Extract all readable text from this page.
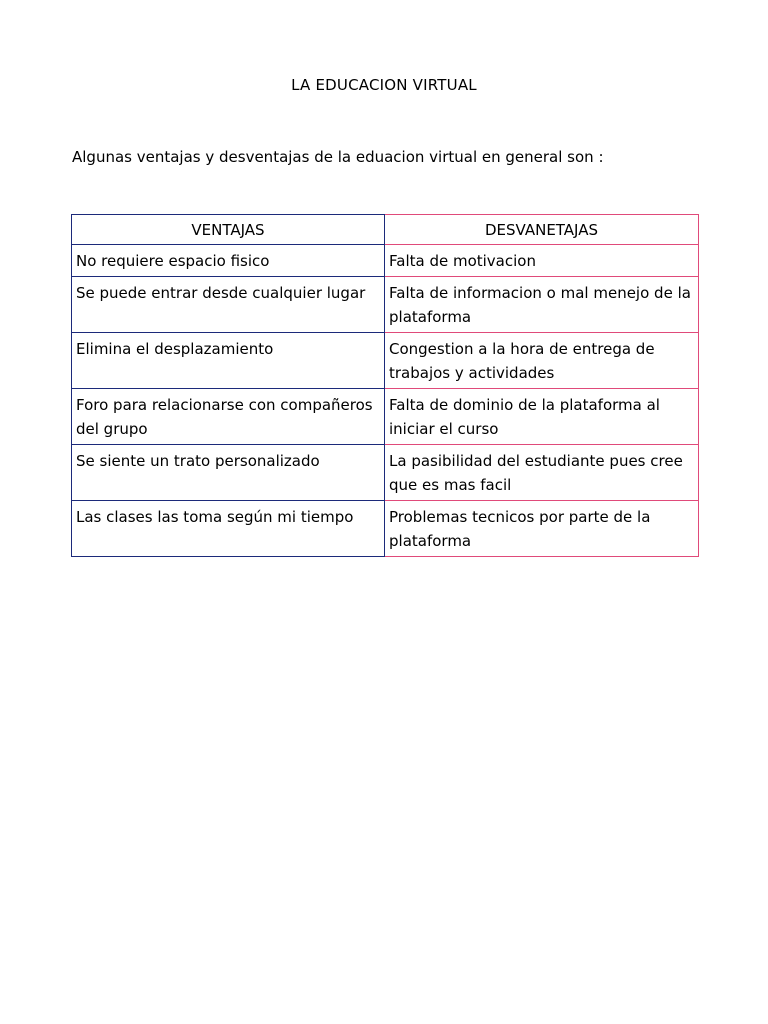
LA EDUCACION VIRTUAL
Algunas ventajas y desventajas de la eduacion virtual en general son :
VENTAJAS	DESVANETAJAS
No requiere espacio fisico	Falta de motivacion
Se puede entrar desde cualquier lugar	Falta de informacion o mal menejo de la plataforma
Elimina el desplazamiento	Congestion a la hora de entrega de trabajos y actividades
Foro para relacionarse con compañeros del grupo	Falta de dominio de la plataforma al iniciar el curso
Se siente un trato personalizado	La pasibilidad del estudiante pues cree que es mas facil
Las clases las toma según mi tiempo	Problemas tecnicos por parte de la plataforma
